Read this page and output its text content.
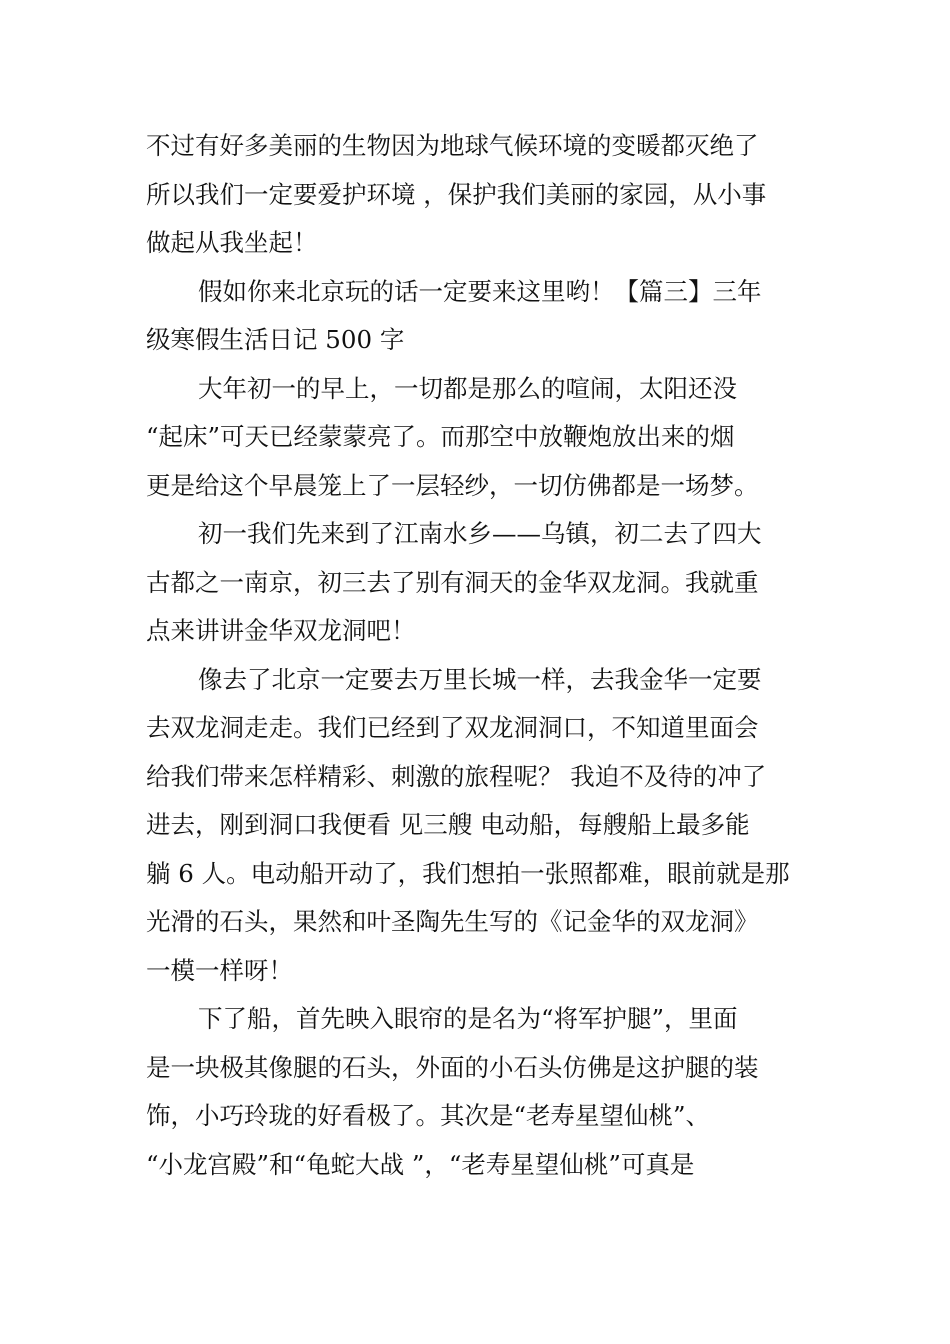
不过有好多美丽的生物因为地球气候环境的变暖都灭绝了
所以我们一定要爱护环境 ，保护我们美丽的家园，从小事
做起从我坐起！
假如你来北京玩的话一定要来这里哟！【篇三】三年
级寒假生活日记 500 字
大年初一的早上，一切都是那么的喧闹，太阳还没
“起床”可天已经蒙蒙亮了。而那空中放鞭炮放出来的烟
更是给这个早晨笼上了一层轻纱，一切仿佛都是一场梦。
初一我们先来到了江南水乡——乌镇，初二去了四大
古都之一南京，初三去了别有洞天的金华双龙洞。我就重
点来讲讲金华双龙洞吧！
像去了北京一定要去万里长城一样，去我金华一定要
去双龙洞走走。我们已经到了双龙洞洞口，不知道里面会
给我们带来怎样精彩、刺激的旅程呢？ 我迫不及待的冲了
进去，刚到洞口我便看 见三艘 电动船，每艘船上最多能
躺 6 人。电动船开动了，我们想拍一张照都难，眼前就是那
光滑的石头，果然和叶圣陶先生写的《记金华的双龙洞》
一模一样呀！
下了船，首先映入眼帘的是名为“将军护腿”，里面
是一块极其像腿的石头，外面的小石头仿佛是这护腿的装
饰，小巧玲珑的好看极了。其次是“老寿星望仙桃”、
“小龙宫殿”和“龟蛇大战 ”，“老寿星望仙桃”可真是
